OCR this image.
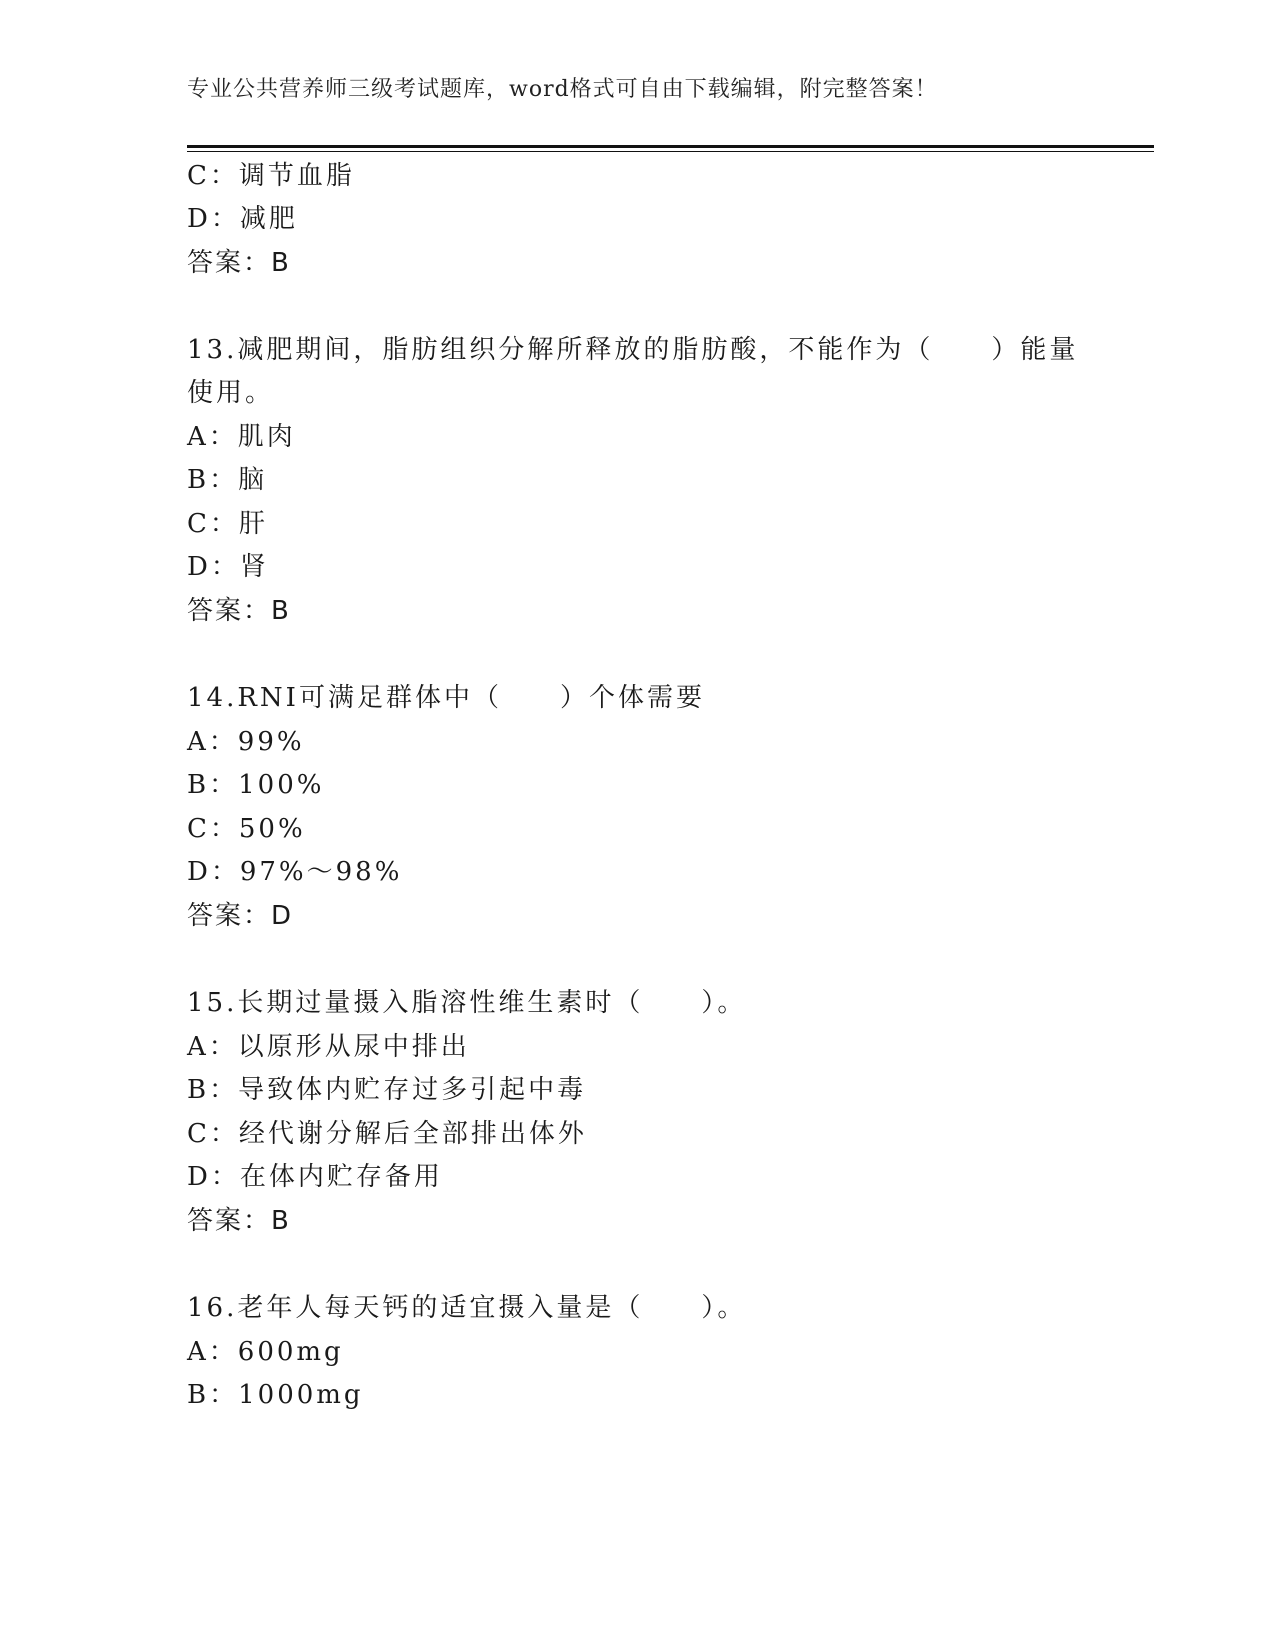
专业公共营养师三级考试题库，word格式可自由下载编辑，附完整答案！
C：调节血脂
D：减肥
答案：B
13.减肥期间，脂肪组织分解所释放的脂肪酸，不能作为（　　）能量
使用。
A：肌肉
B：脑
C：肝
D：肾
答案：B
14.RNI可满足群体中（　　）个体需要
A：99%
B：100%
C：50%
D：97%～98%
答案：D
15.长期过量摄入脂溶性维生素时（　　）。
A：以原形从尿中排出
B：导致体内贮存过多引起中毒
C：经代谢分解后全部排出体外
D：在体内贮存备用
答案：B
16.老年人每天钙的适宜摄入量是（　　）。
A：600mg
B：1000mg
